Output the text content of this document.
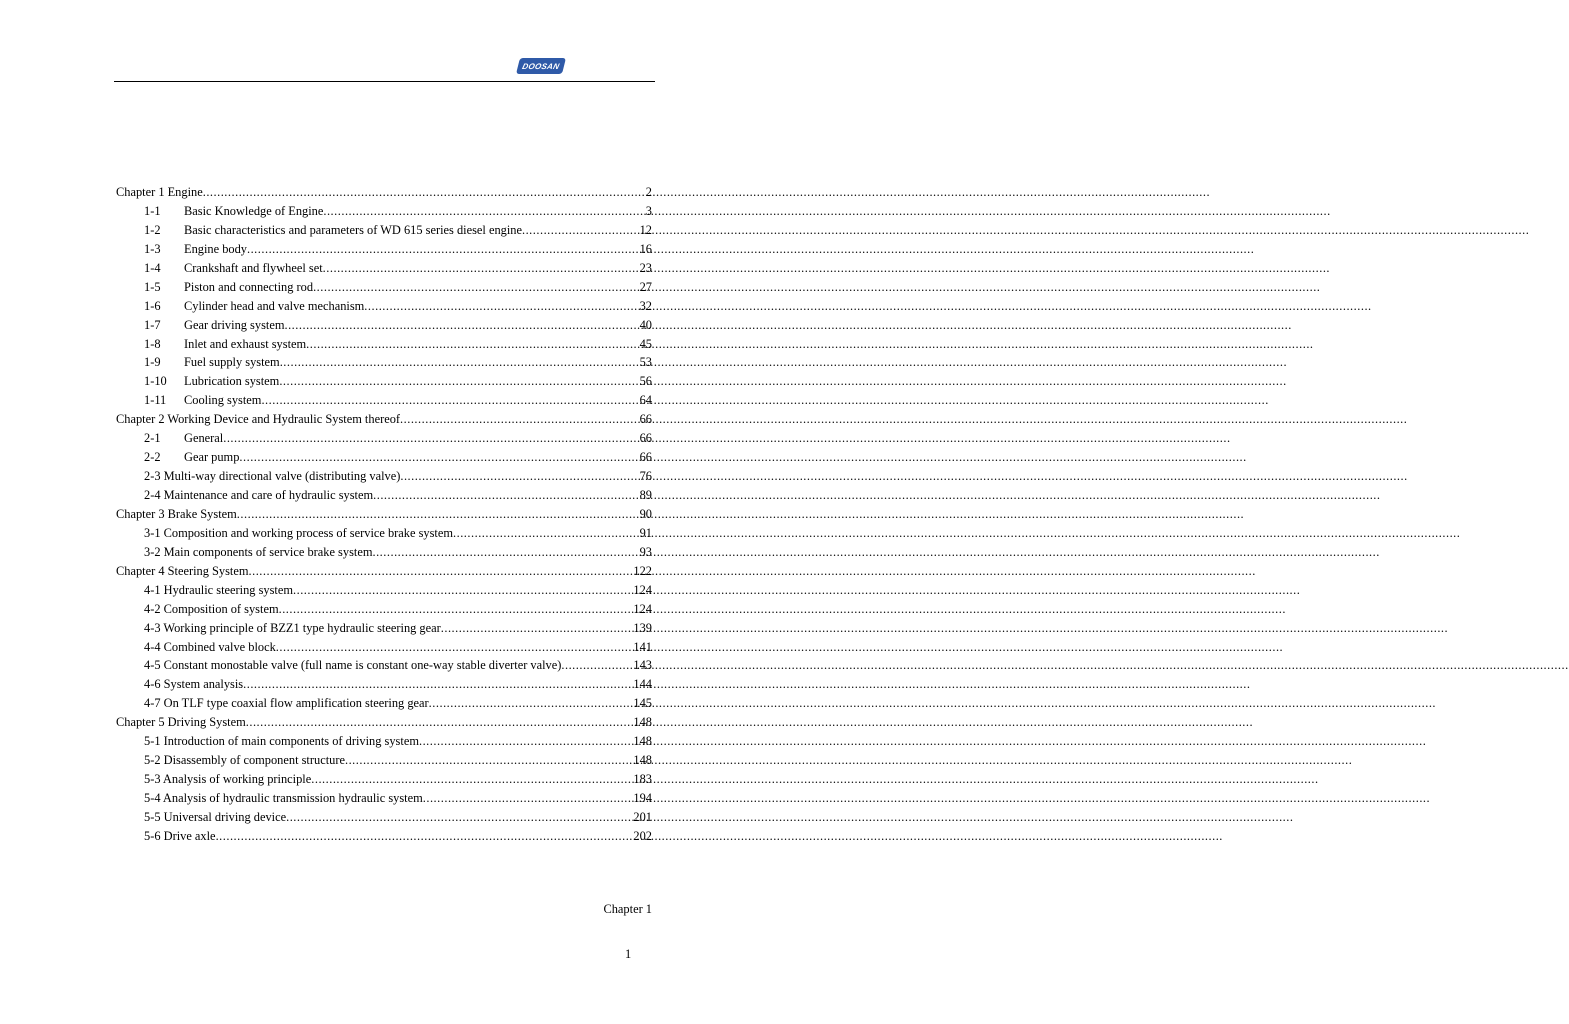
DOOSAN
Chapter 1 Engine .....	2
1-1	Basic Knowledge of Engine .....	3
1-2	Basic characteristics and parameters of WD 615 series diesel engine .....	12
1-3	Engine body .....	16
1-4	Crankshaft and flywheel set .....	23
1-5	Piston and connecting rod .....	27
1-6	Cylinder head and valve mechanism .....	32
1-7	Gear driving system .....	40
1-8	Inlet and exhaust system .....	45
1-9	Fuel supply system .....	53
1-10	Lubrication system .....	56
1-11	Cooling system .....	64
Chapter 2 Working Device and Hydraulic System thereof .....	66
2-1	General .....	66
2-2	Gear pump .....	66
2-3 Multi-way directional valve (distributing valve) .....	76
2-4 Maintenance and care of hydraulic system .....	89
Chapter 3 Brake System .....	90
3-1 Composition and working process of service brake system .....	91
3-2 Main components of service brake system .....	93
Chapter 4 Steering System .....	122
4-1 Hydraulic steering system .....	124
4-2 Composition of system .....	124
4-3 Working principle of BZZ1 type hydraulic steering gear .....	139
4-4 Combined valve block .....	141
4-5 Constant monostable valve (full name is constant one-way stable diverter valve) .....	143
4-6 System analysis .....	144
4-7 On TLF type coaxial flow amplification steering gear .....	145
Chapter 5 Driving System .....	148
5-1 Introduction of main components of driving system .....	148
5-2 Disassembly of component structure .....	148
5-3 Analysis of working principle .....	183
5-4 Analysis of hydraulic transmission hydraulic system .....	194
5-5 Universal driving device .....	201
5-6 Drive axle .....	202
Chapter 1
1
